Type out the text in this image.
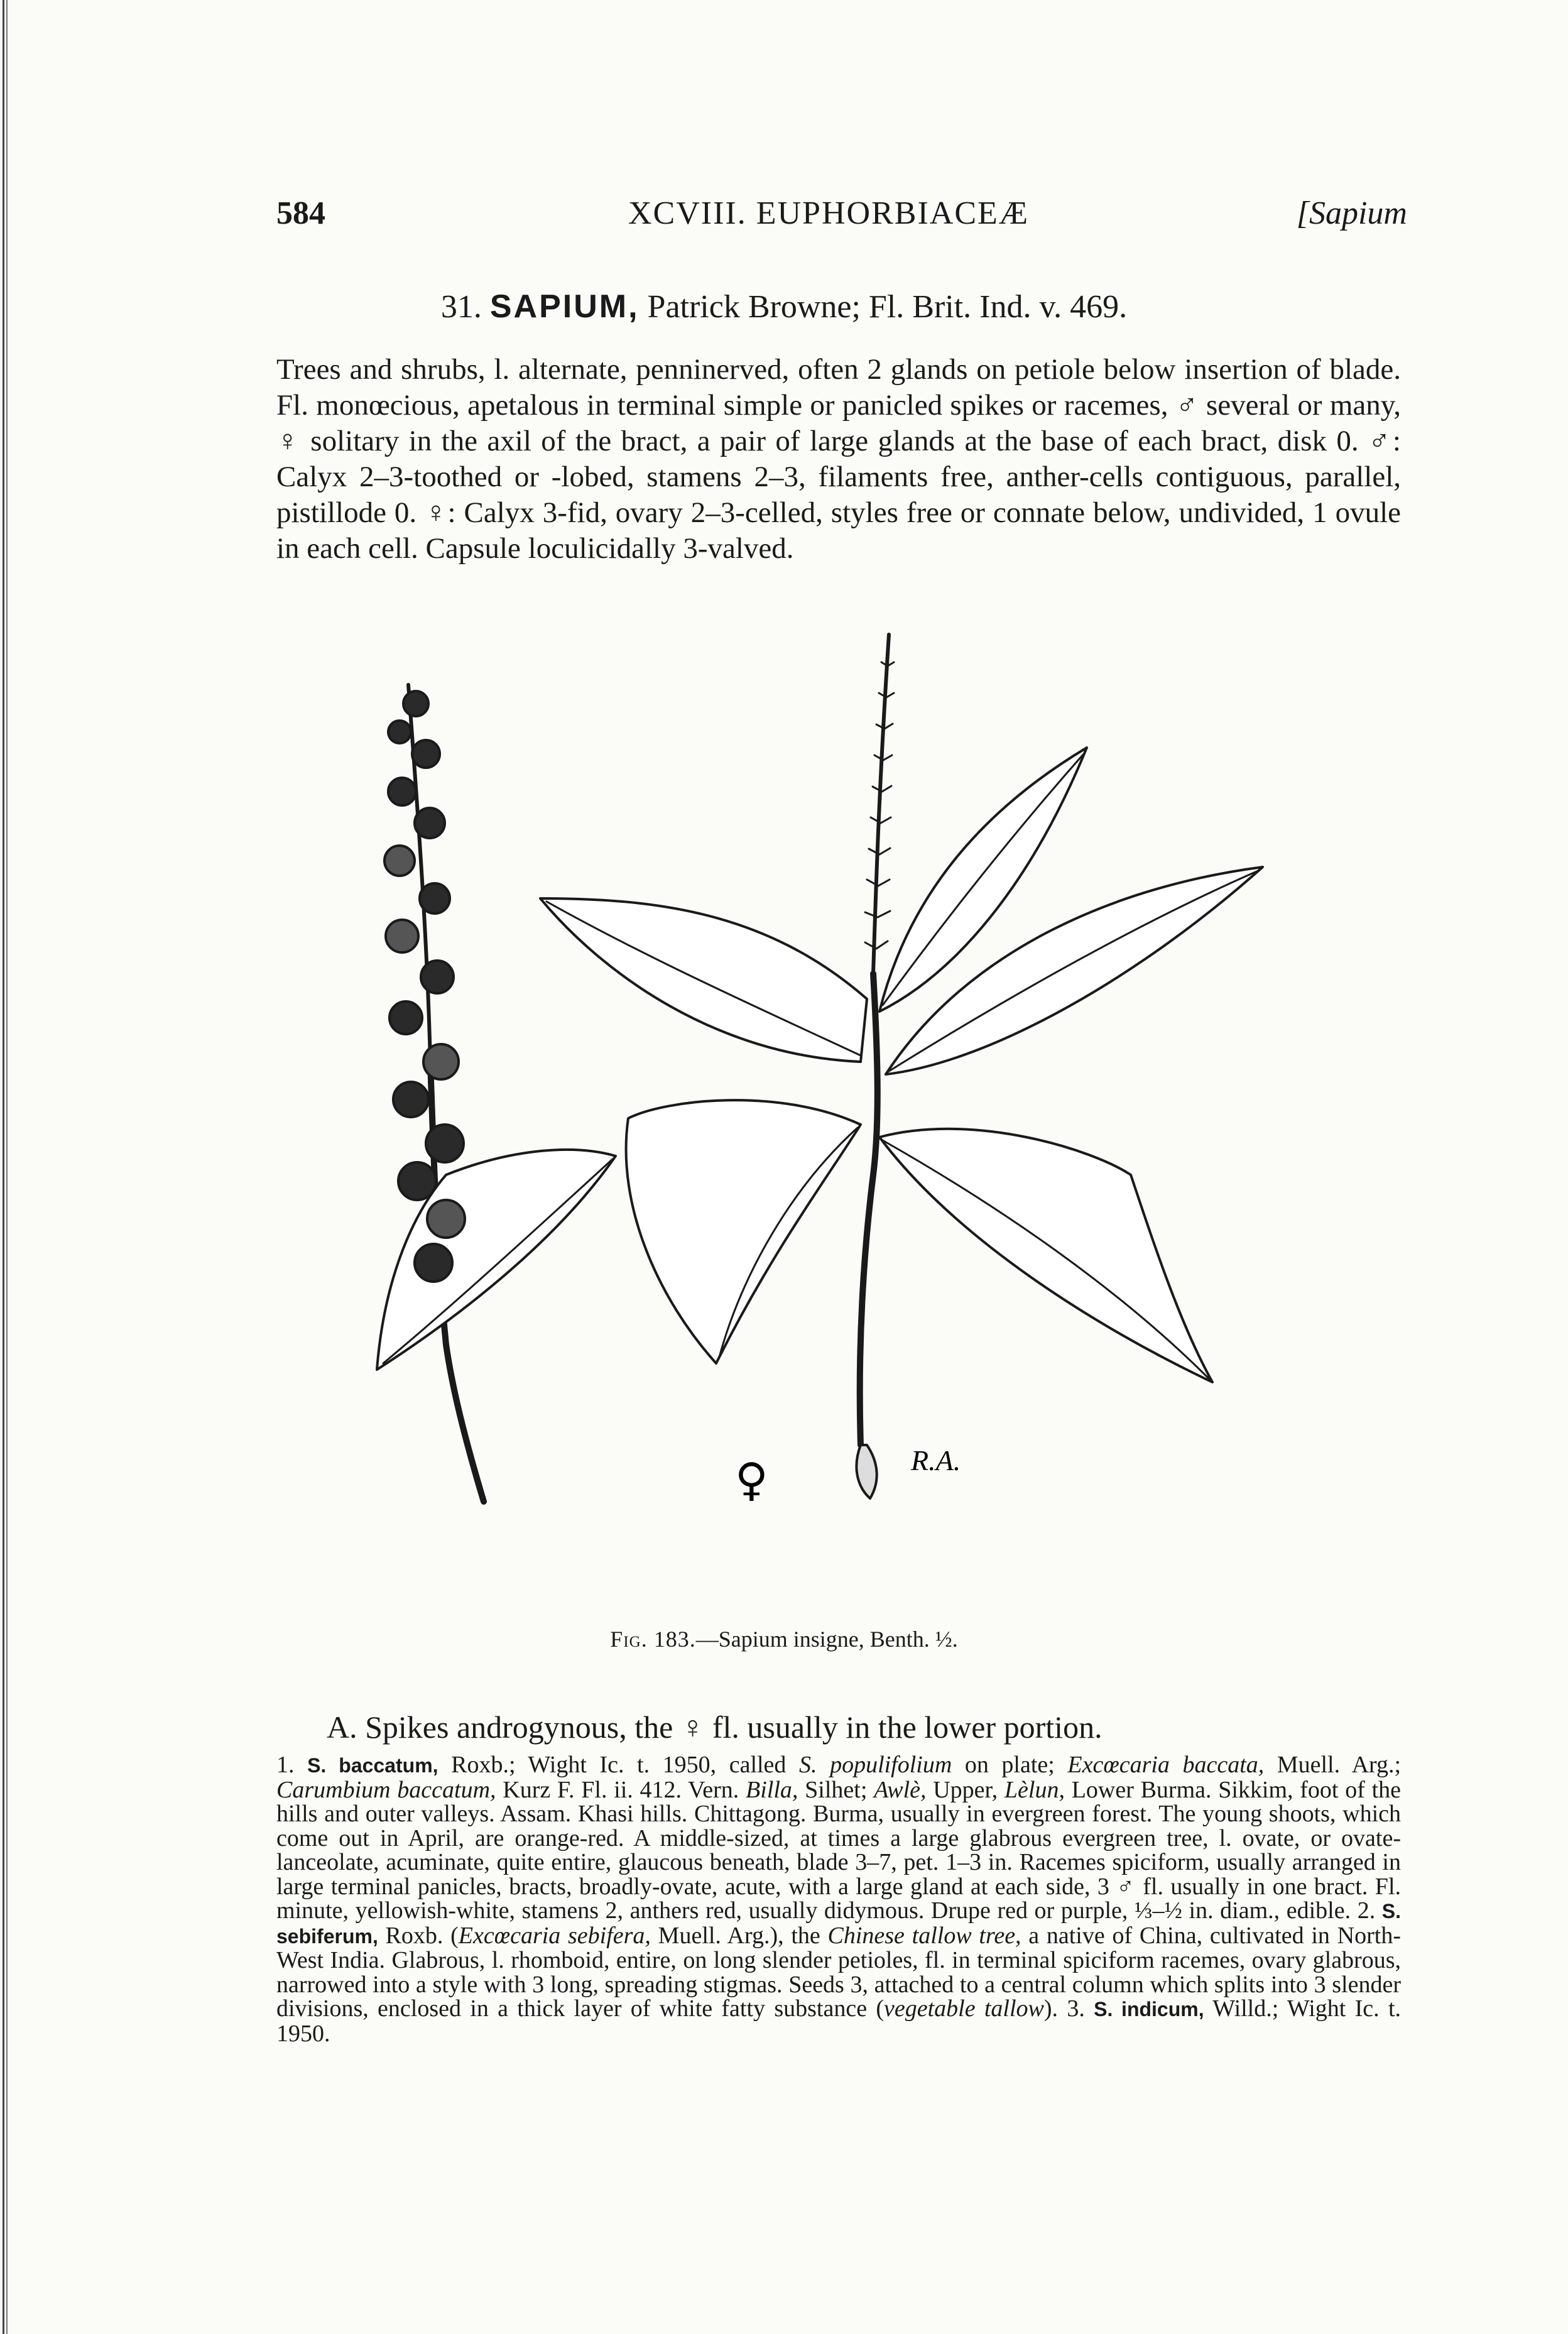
584	XCVIII. EUPHORBIACEÆ	[Sapium
31. SAPIUM, Patrick Browne; Fl. Brit. Ind. v. 469.
Trees and shrubs, l. alternate, penninerved, often 2 glands on petiole below insertion of blade. Fl. monœcious, apetalous in terminal simple or panicled spikes or racemes, ♂ several or many, ♀ solitary in the axil of the bract, a pair of large glands at the base of each bract, disk 0. ♂: Calyx 2–3-toothed or -lobed, stamens 2–3, filaments free, anther-cells contiguous, parallel, pistillode 0. ♀: Calyx 3-fid, ovary 2–3-celled, styles free or connate below, undivided, 1 ovule in each cell. Capsule loculicidally 3-valved.
♀	R.A.
Fig. 183.—Sapium insigne, Benth. ½.
A. Spikes androgynous, the ♀ fl. usually in the lower portion.
1. S. baccatum, Roxb.; Wight Ic. t. 1950, called S. populifolium on plate; Excœcaria baccata, Muell. Arg.; Carumbium baccatum, Kurz F. Fl. ii. 412. Vern. Billa, Silhet; Awlè, Upper, Lèlun, Lower Burma. Sikkim, foot of the hills and outer valleys. Assam. Khasi hills. Chittagong. Burma, usually in evergreen forest. The young shoots, which come out in April, are orange-red. A middle-sized, at times a large glabrous evergreen tree, l. ovate, or ovate-lanceolate, acuminate, quite entire, glaucous beneath, blade 3–7, pet. 1–3 in. Racemes spiciform, usually arranged in large terminal panicles, bracts, broadly-ovate, acute, with a large gland at each side, 3 ♂ fl. usually in one bract. Fl. minute, yellowish-white, stamens 2, anthers red, usually didymous. Drupe red or purple, ⅓–½ in. diam., edible. 2. S. sebiferum, Roxb. (Excœcaria sebifera, Muell. Arg.), the Chinese tallow tree, a native of China, cultivated in North-West India. Glabrous, l. rhomboid, entire, on long slender petioles, fl. in terminal spiciform racemes, ovary glabrous, narrowed into a style with 3 long, spreading stigmas. Seeds 3, attached to a central column which splits into 3 slender divisions, enclosed in a thick layer of white fatty substance (vegetable tallow). 3. S. indicum, Willd.; Wight Ic. t. 1950.
